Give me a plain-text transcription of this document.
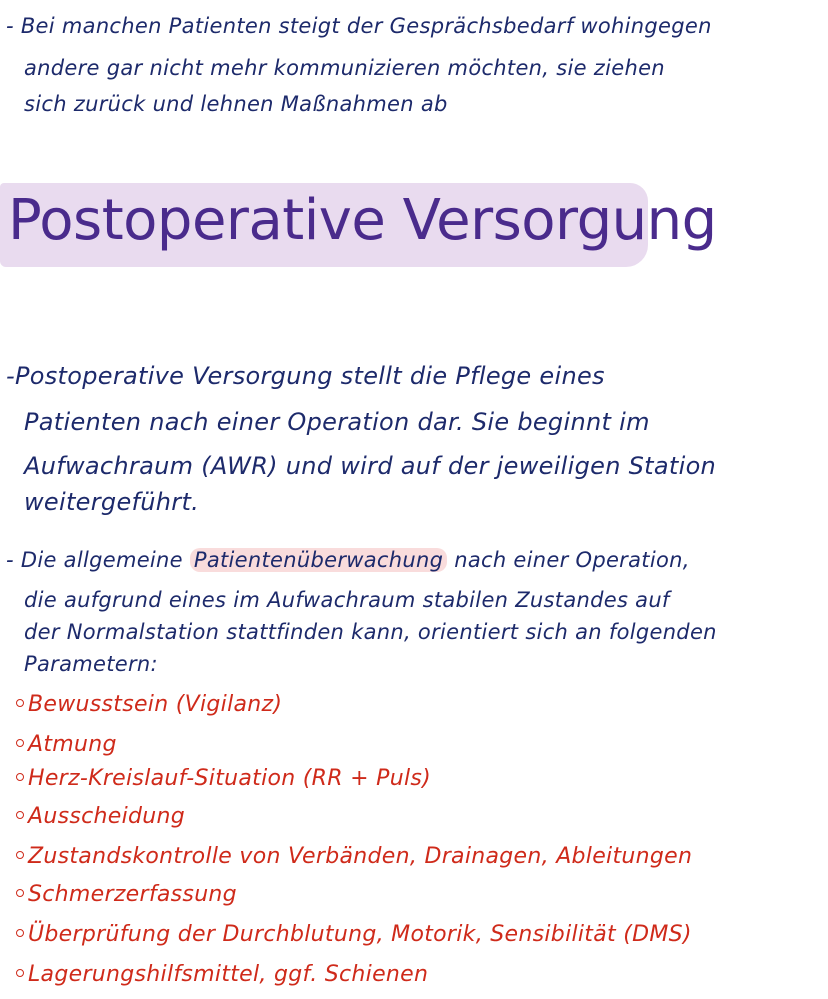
- Bei manchen Patienten steigt der Gesprächsbedarf wohingegen
andere gar nicht mehr kommunizieren möchten, sie ziehen
sich zurück und lehnen Maßnahmen ab
Postoperative Versorgung
-Postoperative Versorgung stellt die Pflege eines
Patienten nach einer Operation dar. Sie beginnt im
Aufwachraum (AWR) und wird auf der jeweiligen Station
weitergeführt.
- Die allgemeine Patientenüberwachung nach einer Operation,
die aufgrund eines im Aufwachraum stabilen Zustandes auf
der Normalstation stattfinden kann, orientiert sich an folgenden
Parametern:
Bewusstsein (Vigilanz)
Atmung
Herz-Kreislauf-Situation (RR + Puls)
Ausscheidung
Zustandskontrolle von Verbänden, Drainagen, Ableitungen
Schmerzerfassung
Überprüfung der Durchblutung, Motorik, Sensibilität (DMS)
Lagerungshilfsmittel, ggf. Schienen
